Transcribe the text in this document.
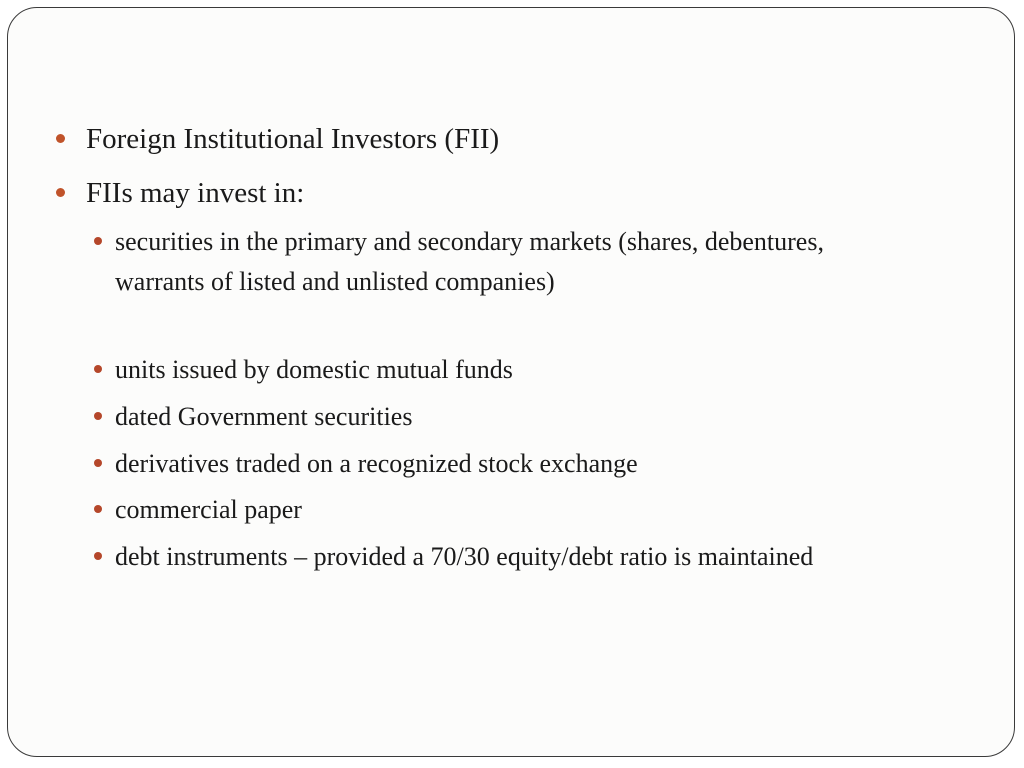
Foreign Institutional Investors (FII)
FIIs may invest in:
securities in the primary and secondary markets (shares, debentures, warrants of listed and unlisted companies)
units issued by domestic mutual funds
dated Government securities
derivatives traded on a recognized stock exchange
commercial paper
debt instruments – provided a 70/30 equity/debt ratio is maintained
